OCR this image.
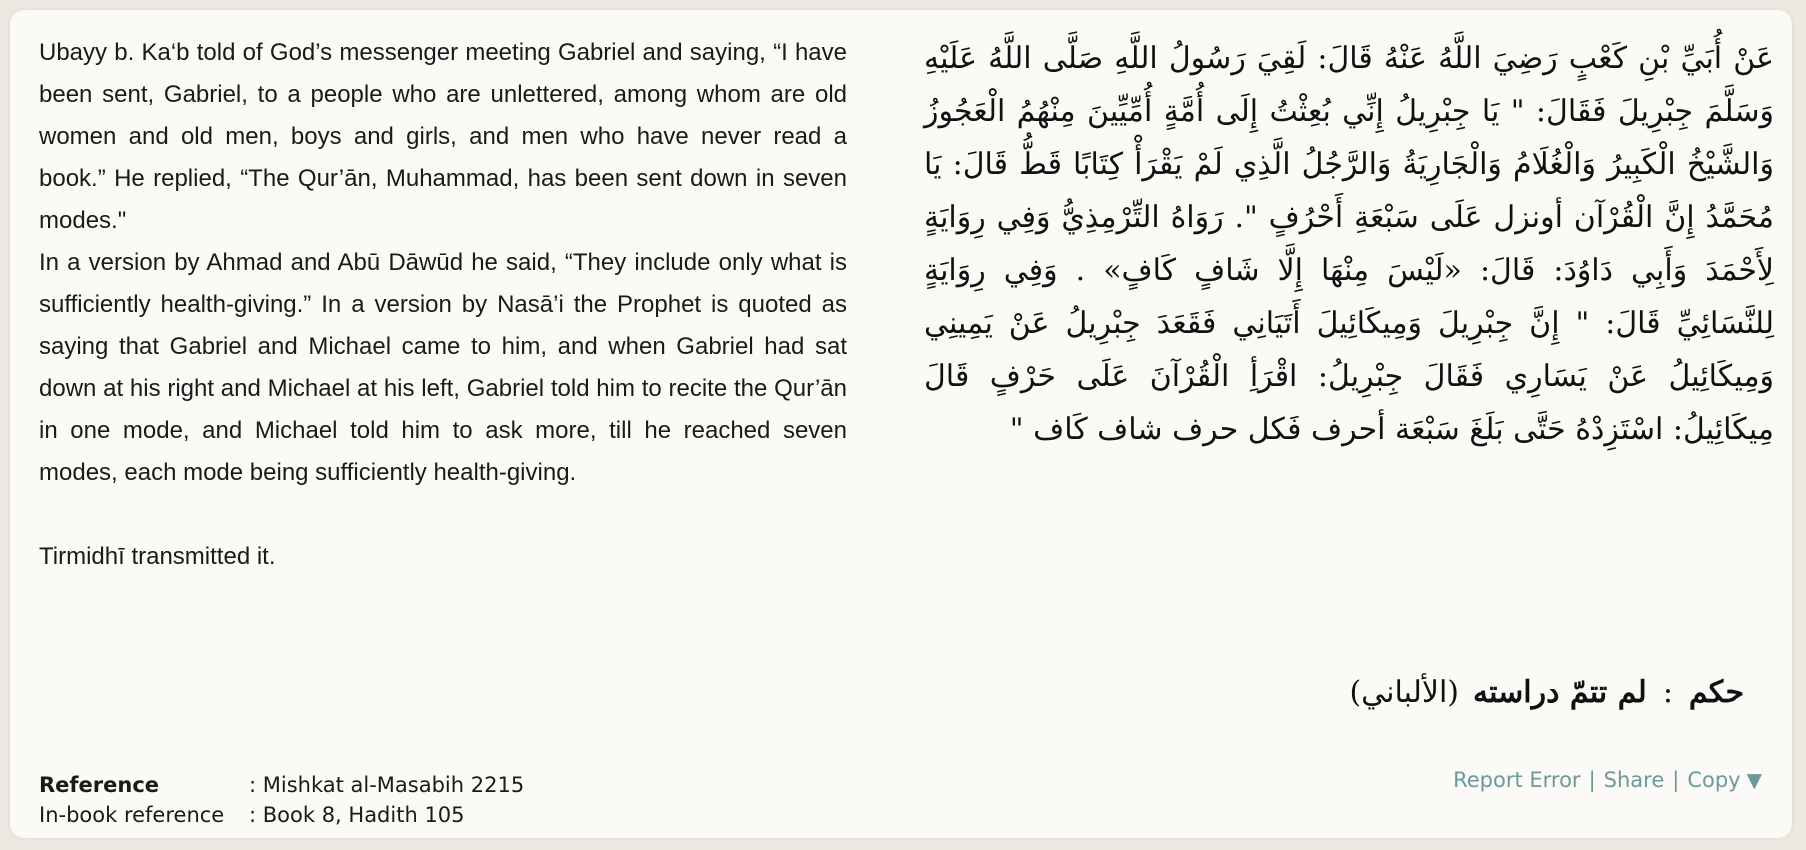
Ubayy b. Ka‘b told of God’s messenger meeting Gabriel and saying, “I have been sent, Gabriel, to a people who are unlettered, among whom are old women and old men, boys and girls, and men who have never read a book.” He replied, “The Qur’ān, Muhammad, has been sent down in seven modes."

In a version by Ahmad and Abū Dāwūd he said, “They include only what is sufficiently health-giving.” In a version by Nasā’i the Prophet is quoted as saying that Gabriel and Michael came to him, and when Gabriel had sat down at his right and Michael at his left, Gabriel told him to recite the Qur’ān in one mode, and Michael told him to ask more, till he reached seven modes, each mode being sufficiently health-giving.

Tirmidhī transmitted it.

عَنْ أُبَيِّ بْنِ كَعْبٍ رَضِيَ اللَّهُ عَنْهُ قَالَ: لَقِيَ رَسُولُ اللَّهِ صَلَّى اللَّهُ عَلَيْهِ وَسَلَّمَ جِبْرِيلَ فَقَالَ: " يَا جِبْرِيلُ إِنِّي بُعِثْتُ إِلَى أُمَّةٍ أُمِّيِّينَ مِنْهُمُ الْعَجُوزُ وَالشَّيْخُ الْكَبِيرُ وَالْغُلَامُ وَالْجَارِيَةُ وَالرَّجُلُ الَّذِي لَمْ يَقْرَأْ كِتَابًا قَطُّ قَالَ: يَا مُحَمَّدُ إِنَّ الْقُرْآن أونزل عَلَى سَبْعَةِ أَحْرُفٍ ". رَوَاهُ التِّرْمِذِيُّ وَفِي رِوَايَةٍ لِأَحْمَدَ وَأَبِي دَاوُدَ: قَالَ: «لَيْسَ مِنْهَا إِلَّا شَافٍ كَافٍ» . وَفِي رِوَايَةٍ لِلنَّسَائِيِّ قَالَ: " إِنَّ جِبْرِيلَ وَمِيكَائِيلَ أَتَيَانِي فَقَعَدَ جِبْرِيلُ عَنْ يَمِينِي وَمِيكَائِيلُ عَنْ يَسَارِي فَقَالَ جِبْرِيلُ: اقْرَأِ الْقُرْآنَ عَلَى حَرْفٍ قَالَ مِيكَائِيلُ: اسْتَزِدْهُ حَتَّى بَلَغَ سَبْعَة أحرف فَكل حرف شاف كَاف "

حكم:لم تتمّ دراسته(الألباني)
Reference	: Mishkat al-Masabih 2215
In-book reference	: Book 8, Hadith 105
Report Error | Share | Copy ▼
